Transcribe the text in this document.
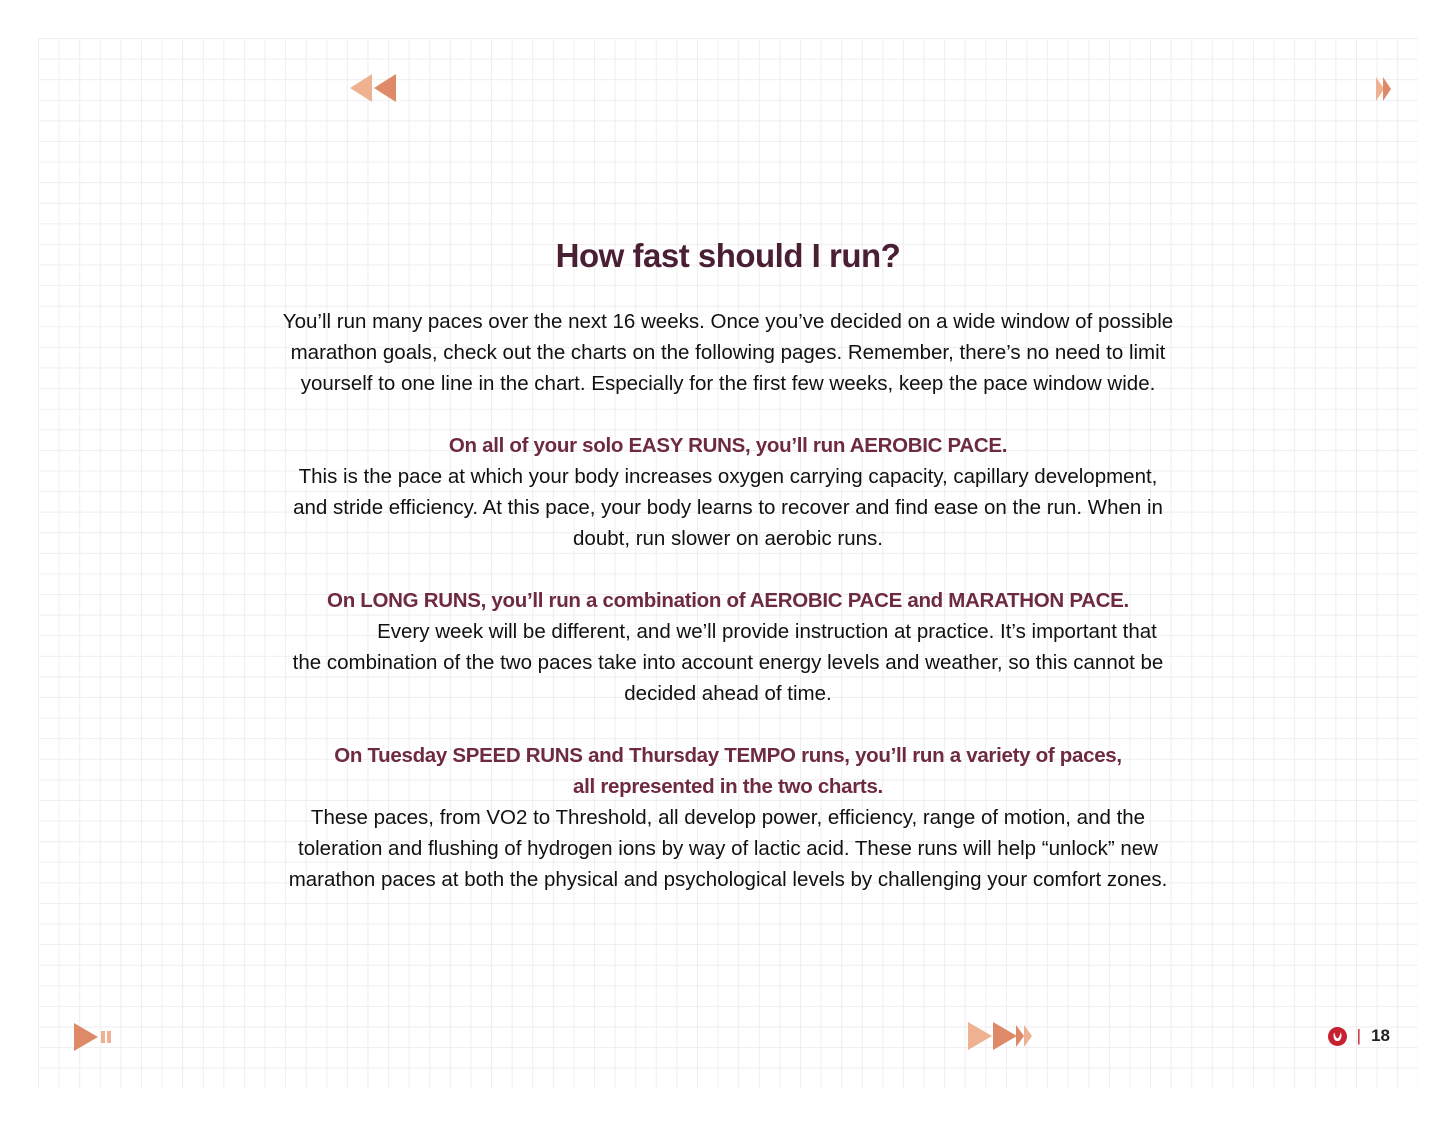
How fast should I run?

You’ll run many paces over the next 16 weeks. Once you’ve decided on a wide window of possible

marathon goals, check out the charts on the following pages. Remember, there’s no need to limit

yourself to one line in the chart. Especially for the first few weeks, keep the pace window wide.

On all of your solo EASY RUNS, you’ll run AEROBIC PACE.

This is the pace at which your body increases oxygen carrying capacity, capillary development,

and stride efficiency. At this pace, your body learns to recover and find ease on the run. When in

doubt, run slower on aerobic runs.

On LONG RUNS, you’ll run a combination of AEROBIC PACE and MARATHON PACE.

Every week will be different, and we’ll provide instruction at practice. It’s important that

the combination of the two paces take into account energy levels and weather, so this cannot be

decided ahead of time.

On Tuesday SPEED RUNS and Thursday TEMPO runs, you’ll run a variety of paces,

all represented in the two charts.

These paces, from VO2 to Threshold, all develop power, efficiency, range of motion, and the

toleration and flushing of hydrogen ions by way of lactic acid. These runs will help “unlock” new

marathon paces at both the physical and psychological levels by challenging your comfort zones.

| 18
